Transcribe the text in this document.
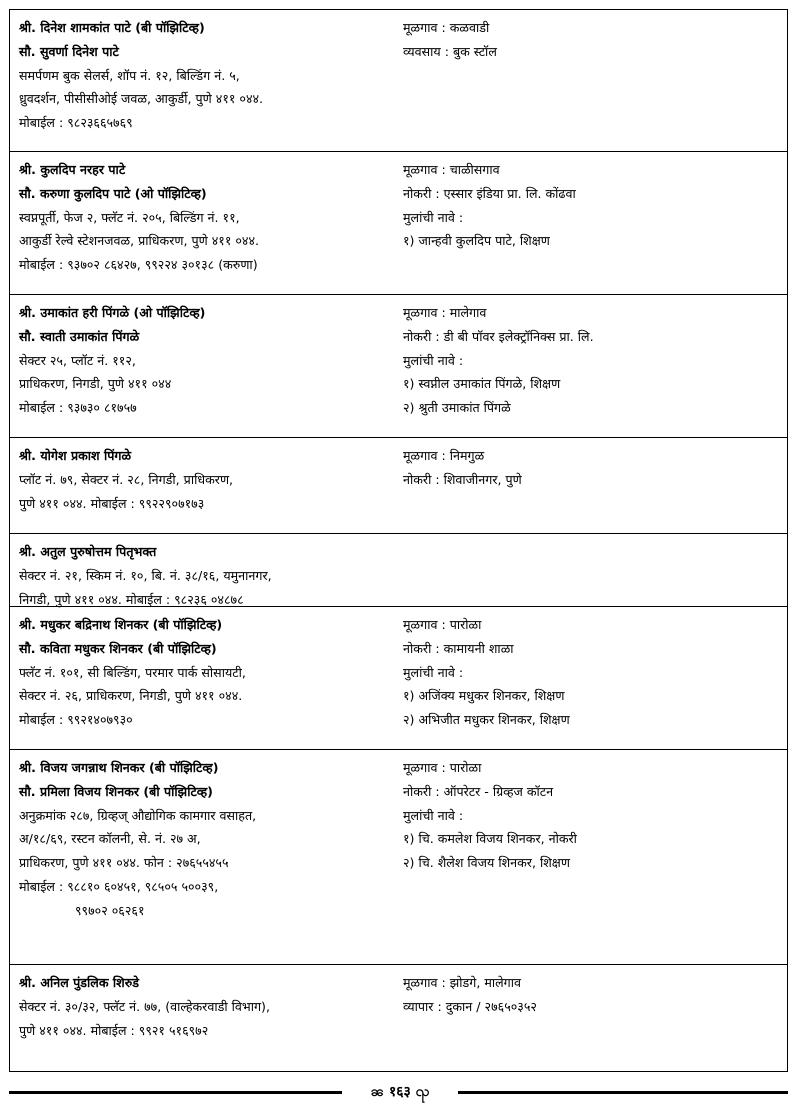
श्री. दिनेश शामकांत पाटे (बी पॉझिटिव्ह)
सौ. सुवर्णा दिनेश पाटे
समर्पणम बुक सेलर्स, शॉप नं. १२, बिल्डिंग नं. ५,
ध्रुवदर्शन, पीसीसीओई जवळ, आकुर्डी, पुणे ४११ ०४४.
मोबाईल : ९८२३६६५७६९
मूळगाव : कळवाडी
व्यवसाय : बुक स्टॉल
श्री. कुलदिप नरहर पाटे
सौ. करुणा कुलदिप पाटे (ओ पॉझिटिव्ह)
स्वप्नपूर्ती, फेज २, फ्लॅट नं. २०५, बिल्डिंग नं. ११,
आकुर्डी रेल्वे स्टेशनजवळ, प्राधिकरण, पुणे ४११ ०४४.
मोबाईल : ९३७०२ ८६४२७, ९९२२४ ३०१३८ (करुणा)
मूळगाव : चाळीसगाव
नोकरी : एस्सार इंडिया प्रा. लि. कोंढवा
मुलांची नावे :
१) जान्हवी कुलदिप पाटे, शिक्षण
श्री. उमाकांत हरी पिंगळे (ओ पॉझिटिव्ह)
सौ. स्वाती उमाकांत पिंगळे
सेक्टर २५, प्लॉट नं. ११२,
प्राधिकरण, निगडी, पुणे ४११ ०४४
मोबाईल : ९३७३० ८१७५७
मूळगाव : मालेगाव
नोकरी : डी बी पॉवर इलेक्ट्रॉनिक्स प्रा. लि.
मुलांची नावे :
१) स्वप्नील उमाकांत पिंगळे, शिक्षण
२) श्रुती उमाकांत पिंगळे
श्री. योगेश प्रकाश पिंगळे
प्लॉट नं. ७९, सेक्टर नं. २८, निगडी, प्राधिकरण,
पुणे ४११ ०४४. मोबाईल : ९९२२९०७१७३
मूळगाव : निमगुळ
नोकरी : शिवाजीनगर, पुणे
श्री. अतुल पुरुषोत्तम पितृभक्त
सेक्टर नं. २१, स्किम नं. १०, बि. नं. ३८/१६, यमुनानगर,
निगडी, पुणे ४११ ०४४. मोबाईल : ९८२३६ ०४८७८
श्री. मधुकर बद्रिनाथ शिनकर (बी पॉझिटिव्ह)
सौ. कविता मधुकर शिनकर (बी पॉझिटिव्ह)
फ्लॅट नं. १०१, सी बिल्डिंग, परमार पार्क सोसायटी,
सेक्टर नं. २६, प्राधिकरण, निगडी, पुणे ४११ ०४४.
मोबाईल : ९९२१४०७९३०
मूळगाव : पारोळा
नोकरी : कामायनी शाळा
मुलांची नावे :
१) अजिंक्य मधुकर शिनकर, शिक्षण
२) अभिजीत मधुकर शिनकर, शिक्षण
श्री. विजय जगन्नाथ शिनकर (बी पॉझिटिव्ह)
सौ. प्रमिला विजय शिनकर (बी पॉझिटिव्ह)
अनुक्रमांक २८७, ग्रिव्हज् औद्योगिक कामगार वसाहत,
अ/१८/६९, रस्टन कॉलनी, से. नं. २७ अ,
प्राधिकरण, पुणे ४११ ०४४. फोन : २७६५५४५५
मोबाईल : ९८८१० ६०४५१, ९८५०५ ५००३९,
९९७०२ ०६२६१
मूळगाव : पारोळा
नोकरी : ऑपरेटर - ग्रिव्हज कॉटन
मुलांची नावे :
१) चि. कमलेश विजय शिनकर, नोकरी
२) चि. शैलेश विजय शिनकर, शिक्षण
श्री. अनिल पुंडलिक शिरुडे
सेक्टर नं. ३०/३२, फ्लॅट नं. ७७, (वाल्हेकरवाडी विभाग),
पुणे ४११ ०४४. मोबाईल : ९९२१ ५१६९७२
मूळगाव : झोडगे, मालेगाव
व्यापार : दुकान / २७६५०३५२
ၼ १६३ ၺ
